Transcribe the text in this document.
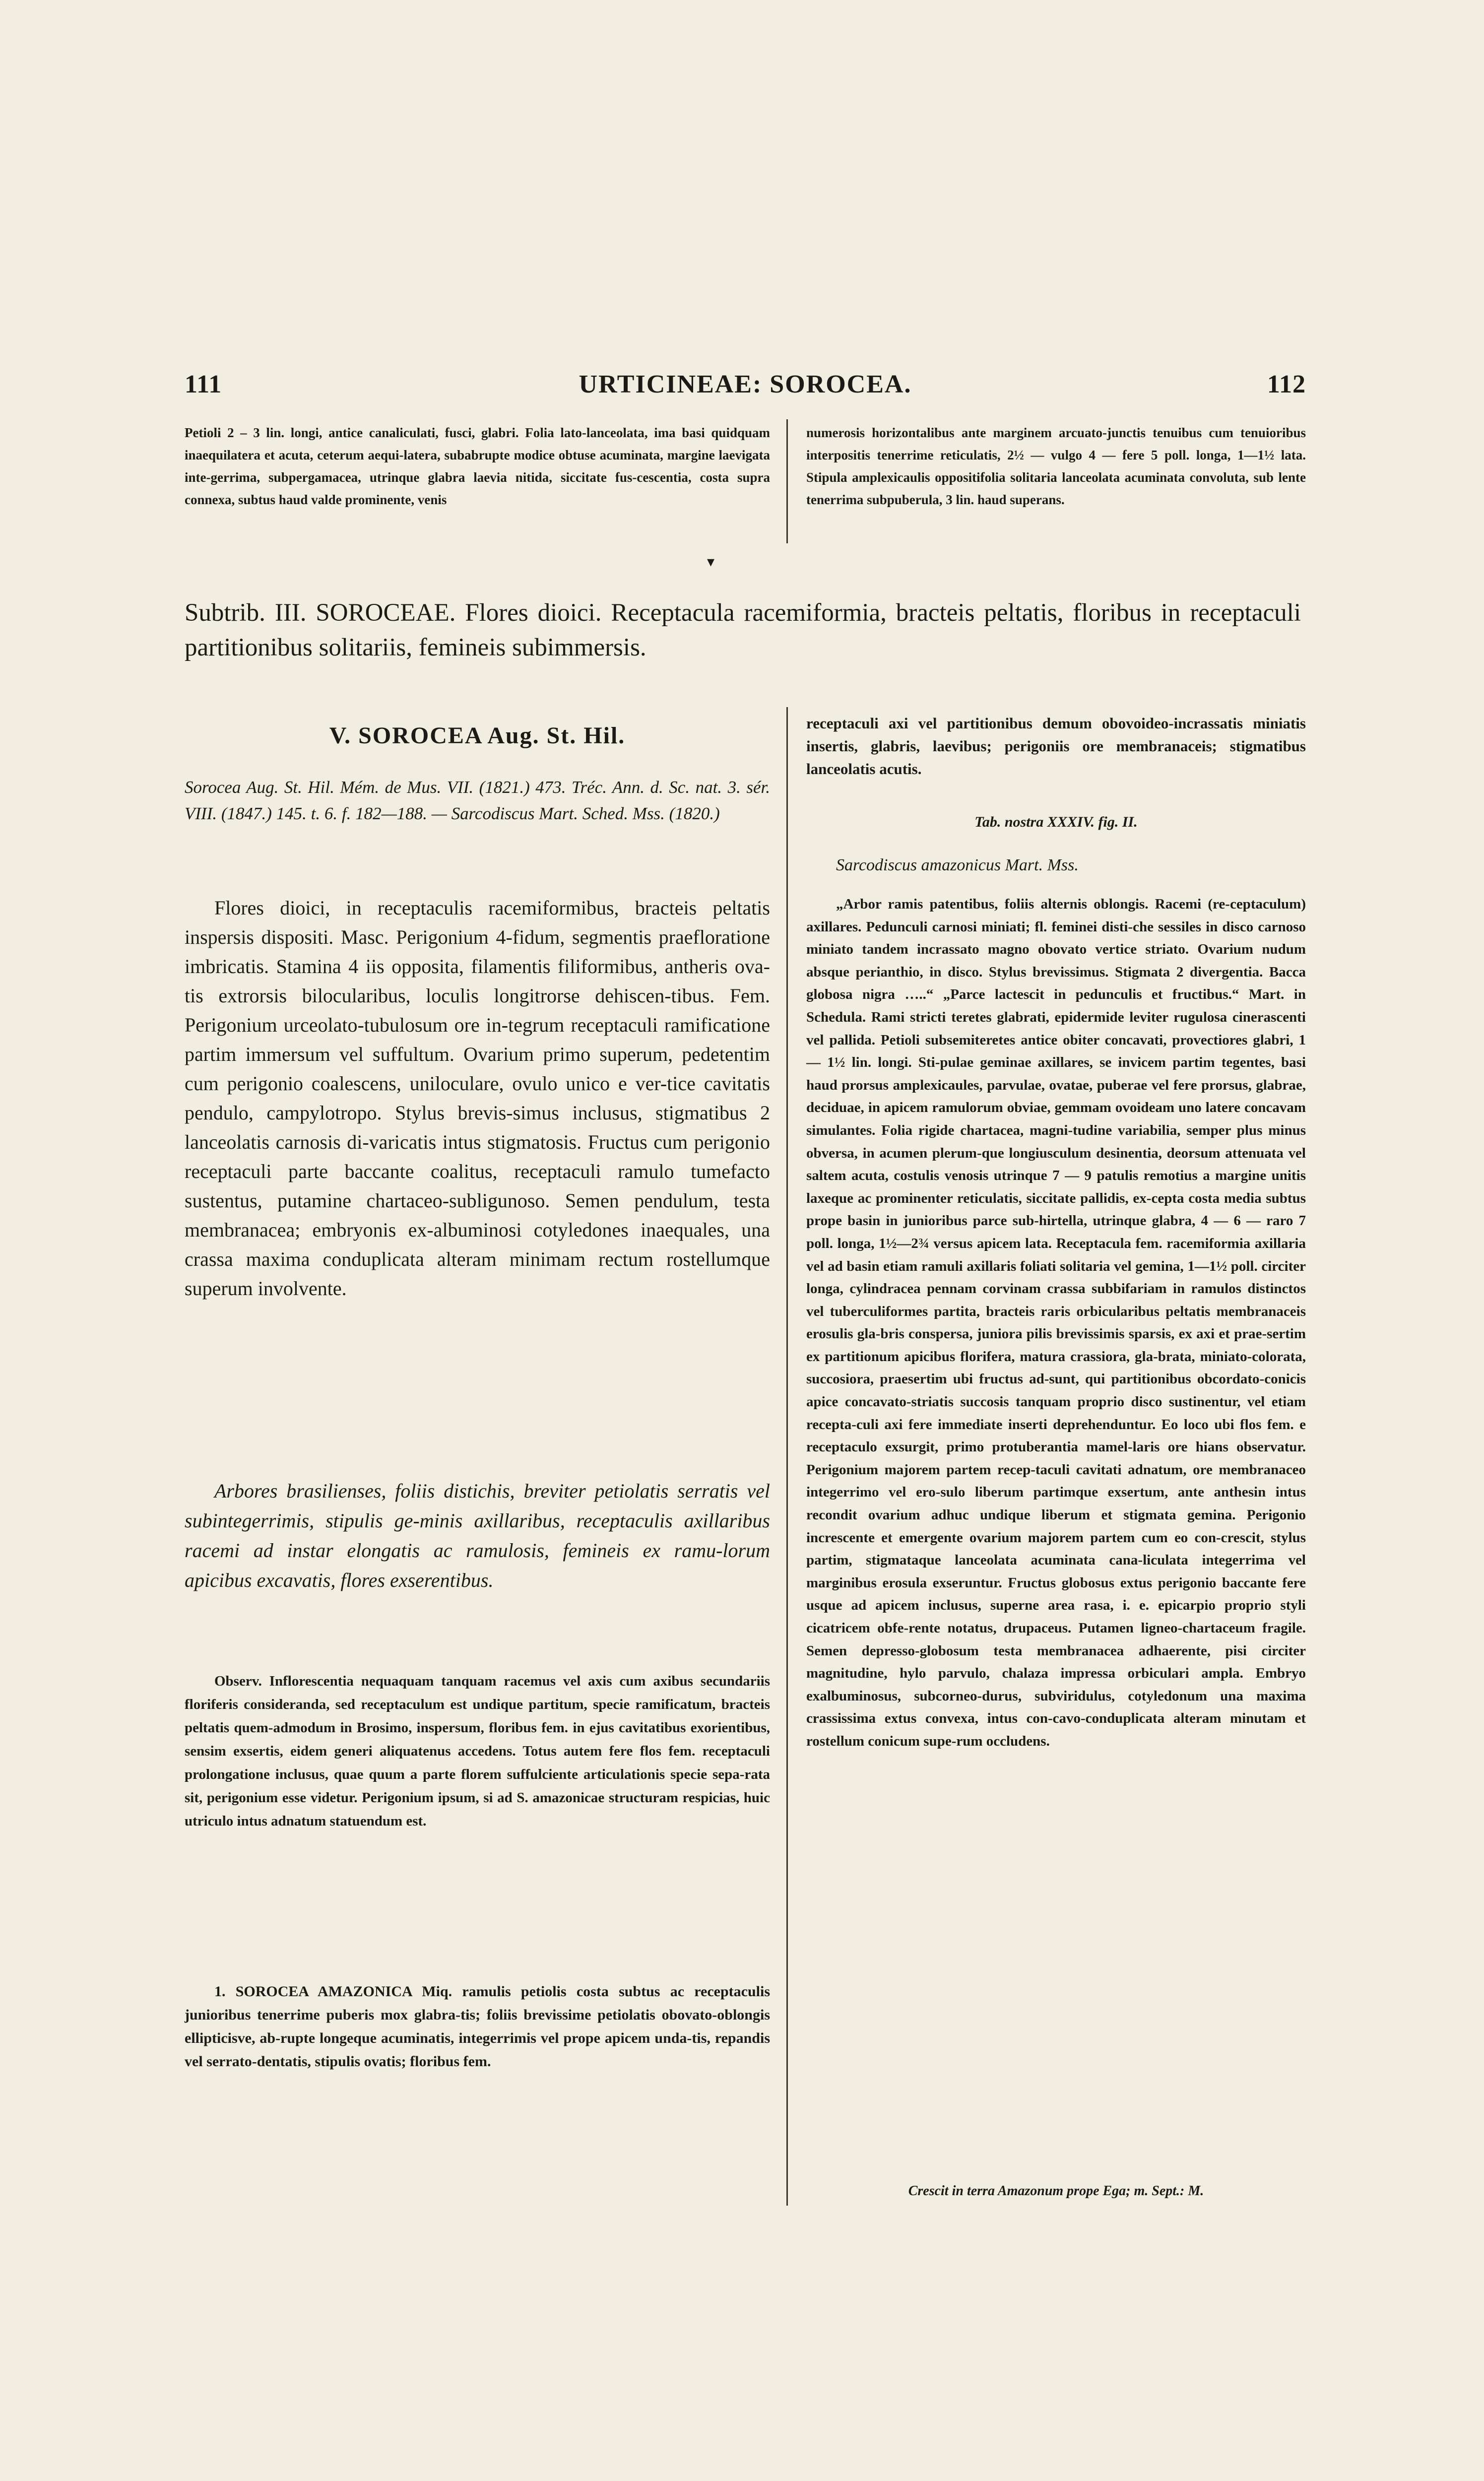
111	URTICINEAE: SOROCEA.	112

Petioli 2 – 3 lin. longi, antice canaliculati, fusci, glabri. Folia lato-lanceolata, ima basi quidquam inaequilatera et acuta, ceterum aequi-latera, subabrupte modice obtuse acuminata, margine laevigata inte-gerrima, subpergamacea, utrinque glabra laevia nitida, siccitate fus-cescentia, costa supra connexa, subtus haud valde prominente, venis

numerosis horizontalibus ante marginem arcuato-junctis tenuibus cum tenuioribus interpositis tenerrime reticulatis, 2½ — vulgo 4 — fere 5 poll. longa, 1—1½ lata. Stipula amplexicaulis oppositifolia solitaria lanceolata acuminata convoluta, sub lente tenerrima subpuberula, 3 lin. haud superans.

▾

Subtrib. III. SOROCEAE. Flores dioici. Receptacula racemiformia, bracteis peltatis, floribus in receptaculi partitionibus solitariis, femineis subimmersis.

V. SOROCEA Aug. St. Hil.

Sorocea Aug. St. Hil. Mém. de Mus. VII. (1821.) 473. Tréc. Ann. d. Sc. nat. 3. sér. VIII. (1847.) 145. t. 6. f. 182—188. — Sarcodiscus Mart. Sched. Mss. (1820.)

Flores dioici, in receptaculis racemiformibus, bracteis peltatis inspersis dispositi. Masc. Perigonium 4-fidum, segmentis praefloratione imbricatis. Stamina 4 iis opposita, filamentis filiformibus, antheris ova-tis extrorsis bilocularibus, loculis longitrorse dehiscen-tibus. Fem. Perigonium urceolato-tubulosum ore in-tegrum receptaculi ramificatione partim immersum vel suffultum. Ovarium primo superum, pedetentim cum perigonio coalescens, uniloculare, ovulo unico e ver-tice cavitatis pendulo, campylotropo. Stylus brevis-simus inclusus, stigmatibus 2 lanceolatis carnosis di-varicatis intus stigmatosis. Fructus cum perigonio receptaculi parte baccante coalitus, receptaculi ramulo tumefacto sustentus, putamine chartaceo-subligunoso. Semen pendulum, testa membranacea; embryonis ex-albuminosi cotyledones inaequales, una crassa maxima conduplicata alteram minimam rectum rostellumque superum involvente.

Arbores brasilienses, foliis distichis, breviter petiolatis serratis vel subintegerrimis, stipulis ge-minis axillaribus, receptaculis axillaribus racemi ad instar elongatis ac ramulosis, femineis ex ramu-lorum apicibus excavatis, flores exserentibus.

Observ. Inflorescentia nequaquam tanquam racemus vel axis cum axibus secundariis floriferis consideranda, sed receptaculum est undique partitum, specie ramificatum, bracteis peltatis quem-admodum in Brosimo, inspersum, floribus fem. in ejus cavitatibus exorientibus, sensim exsertis, eidem generi aliquatenus accedens. Totus autem fere flos fem. receptaculi prolongatione inclusus, quae quum a parte florem suffulciente articulationis specie sepa-rata sit, perigonium esse videtur. Perigonium ipsum, si ad S. amazonicae structuram respicias, huic utriculo intus adnatum statuendum est.

1. SOROCEA AMAZONICA Miq. ramulis petiolis costa subtus ac receptaculis junioribus tenerrime puberis mox glabra-tis; foliis brevissime petiolatis obovato-oblongis ellipticisve, ab-rupte longeque acuminatis, integerrimis vel prope apicem unda-tis, repandis vel serrato-dentatis, stipulis ovatis; floribus fem.

receptaculi axi vel partitionibus demum obovoideo-incrassatis miniatis insertis, glabris, laevibus; perigoniis ore membranaceis; stigmatibus lanceolatis acutis.

Tab. nostra XXXIV. fig. II.
Sarcodiscus amazonicus Mart. Mss.

„Arbor ramis patentibus, foliis alternis oblongis. Racemi (re-ceptaculum) axillares. Pedunculi carnosi miniati; fl. feminei disti-che sessiles in disco carnoso miniato tandem incrassato magno obovato vertice striato. Ovarium nudum absque perianthio, in disco. Stylus brevissimus. Stigmata 2 divergentia. Bacca globosa nigra …..“ „Parce lactescit in pedunculis et fructibus.“ Mart. in Schedula. Rami stricti teretes glabrati, epidermide leviter rugulosa cinerascenti vel pallida. Petioli subsemiteretes antice obiter concavati, provectiores glabri, 1 — 1½ lin. longi. Sti-pulae geminae axillares, se invicem partim tegentes, basi haud prorsus amplexicaules, parvulae, ovatae, puberae vel fere prorsus, glabrae, deciduae, in apicem ramulorum obviae, gemmam ovoideam uno latere concavam simulantes. Folia rigide chartacea, magni-tudine variabilia, semper plus minus obversa, in acumen plerum-que longiusculum desinentia, deorsum attenuata vel saltem acuta, costulis venosis utrinque 7 — 9 patulis remotius a margine unitis laxeque ac prominenter reticulatis, siccitate pallidis, ex-cepta costa media subtus prope basin in junioribus parce sub-hirtella, utrinque glabra, 4 — 6 — raro 7 poll. longa, 1½—2¾ versus apicem lata. Receptacula fem. racemiformia axillaria vel ad basin etiam ramuli axillaris foliati solitaria vel gemina, 1—1½ poll. circiter longa, cylindracea pennam corvinam crassa subbifariam in ramulos distinctos vel tuberculiformes partita, bracteis raris orbicularibus peltatis membranaceis erosulis gla-bris conspersa, juniora pilis brevissimis sparsis, ex axi et prae-sertim ex partitionum apicibus florifera, matura crassiora, gla-brata, miniato-colorata, succosiora, praesertim ubi fructus ad-sunt, qui partitionibus obcordato-conicis apice concavato-striatis succosis tanquam proprio disco sustinentur, vel etiam recepta-culi axi fere immediate inserti deprehenduntur. Eo loco ubi flos fem. e receptaculo exsurgit, primo protuberantia mamel-laris ore hians observatur. Perigonium majorem partem recep-taculi cavitati adnatum, ore membranaceo integerrimo vel ero-sulo liberum partimque exsertum, ante anthesin intus recondit ovarium adhuc undique liberum et stigmata gemina. Perigonio increscente et emergente ovarium majorem partem cum eo con-crescit, stylus partim, stigmataque lanceolata acuminata cana-liculata integerrima vel marginibus erosula exseruntur. Fructus globosus extus perigonio baccante fere usque ad apicem inclusus, superne area rasa, i. e. epicarpio proprio styli cicatricem obfe-rente notatus, drupaceus. Putamen ligneo-chartaceum fragile. Semen depresso-globosum testa membranacea adhaerente, pisi circiter magnitudine, hylo parvulo, chalaza impressa orbiculari ampla. Embryo exalbuminosus, subcorneo-durus, subviridulus, cotyledonum una maxima crassissima extus convexa, intus con-cavo-conduplicata alteram minutam et rostellum conicum supe-rum occludens.

Crescit in terra Amazonum prope Ega; m. Sept.: M.
